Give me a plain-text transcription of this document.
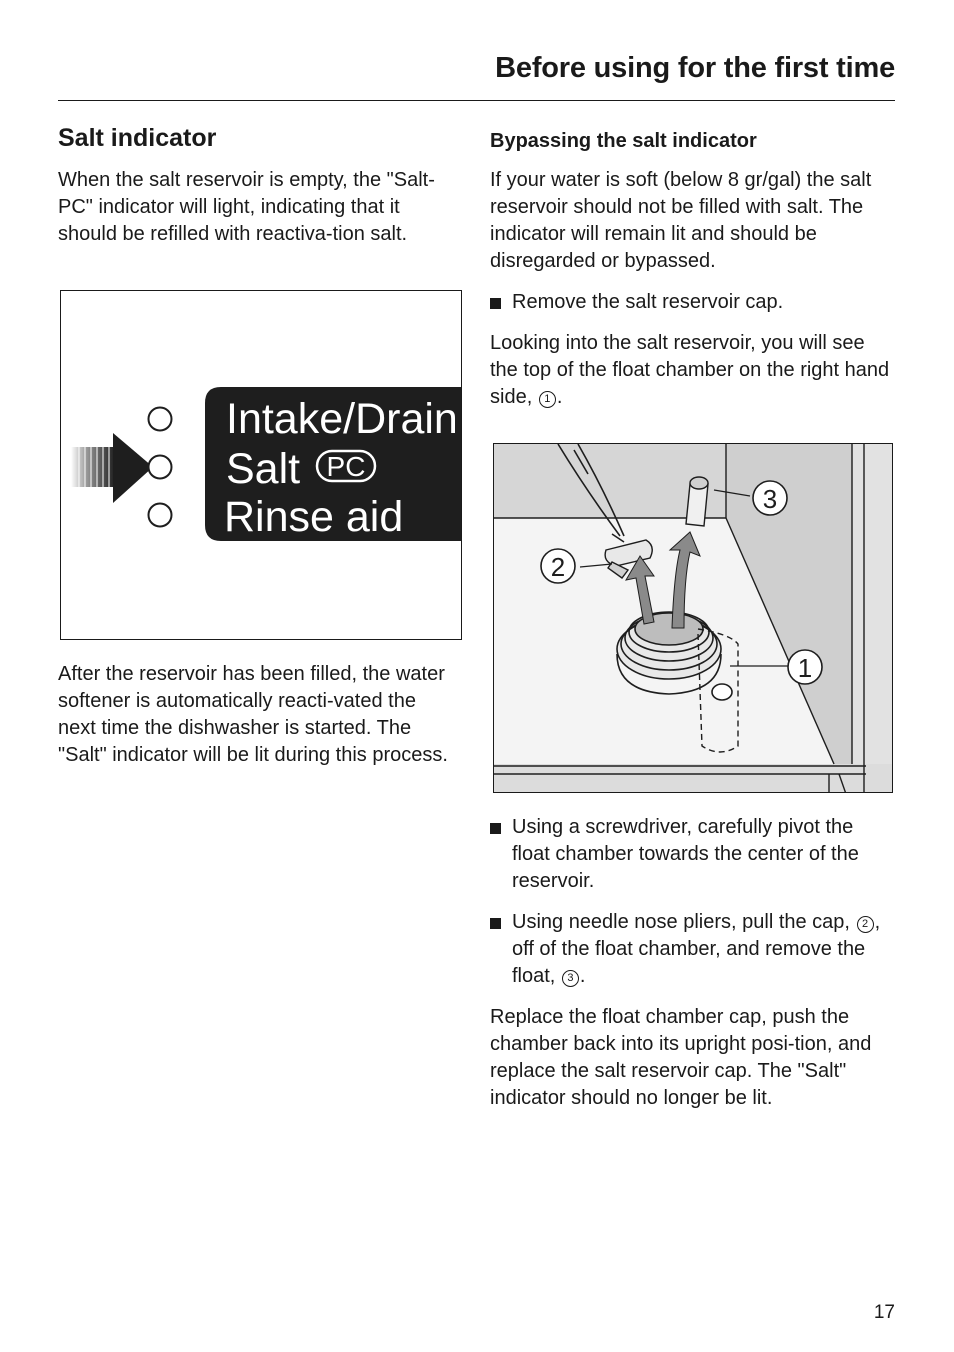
Before using for the first time
Salt indicator

When the salt reservoir is empty, the "Salt-PC" indicator will light, indicating that it should be refilled with reactiva-tion salt.

Intake/Drain
Salt PC
Rinse aid

After the reservoir has been filled, the water softener is automatically reacti-vated the next time the dishwasher is started. The "Salt" indicator will be lit during this process.

Bypassing the salt indicator

If your water is soft (below 8 gr/gal) the salt reservoir should not be filled with salt. The indicator will remain lit and should be disregarded or bypassed.

Remove the salt reservoir cap.

Looking into the salt reservoir, you will see the top of the float chamber on the right hand side, 1 .

3
2
1
Using a screwdriver, carefully pivot the float chamber towards the center of the reservoir.
Using needle nose pliers, pull the cap, 2 , off of the float chamber, and remove the float, 3 .

Replace the float chamber cap, push the chamber back into its upright posi-tion, and replace the salt reservoir cap. The "Salt" indicator should no longer be lit.

17
